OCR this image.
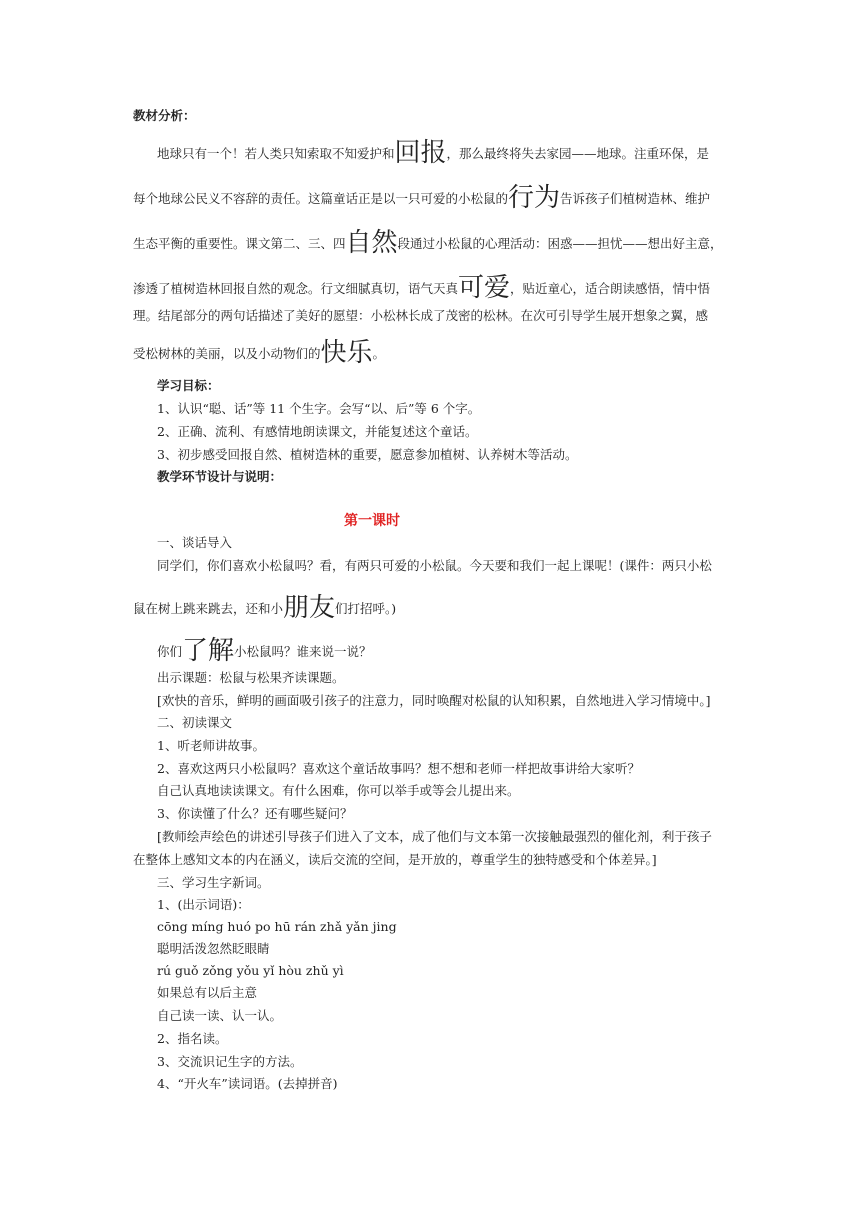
教材分析：
地球只有一个！若人类只知索取不知爱护和回报，那么最终将失去家园——地球。注重环保，是
每个地球公民义不容辞的责任。这篇童话正是以一只可爱的小松鼠的行为告诉孩子们植树造林、维护
生态平衡的重要性。课文第二、三、四自然段通过小松鼠的心理活动：困惑——担忧——想出好主意，
渗透了植树造林回报自然的观念。行文细腻真切，语气天真可爱，贴近童心，适合朗读感悟，情中悟
理。结尾部分的两句话描述了美好的愿望：小松林长成了茂密的松林。在次可引导学生展开想象之翼，感
受松树林的美丽，以及小动物们的快乐。
学习目标：
1、认识“聪、话”等 11 个生字。会写“以、后”等 6 个字。
2、正确、流利、有感情地朗读课文，并能复述这个童话。
3、初步感受回报自然、植树造林的重要，愿意参加植树、认养树木等活动。
教学环节设计与说明：
第一课时
一、谈话导入
同学们，你们喜欢小松鼠吗？看，有两只可爱的小松鼠。今天要和我们一起上课呢！(课件：两只小松
鼠在树上跳来跳去，还和小朋友们打招呼。)
你们了解小松鼠吗？谁来说一说？
出示课题：松鼠与松果齐读课题。
[欢快的音乐，鲜明的画面吸引孩子的注意力，同时唤醒对松鼠的认知积累，自然地进入学习情境中。]
二、初读课文
1、听老师讲故事。
2、喜欢这两只小松鼠吗？喜欢这个童话故事吗？想不想和老师一样把故事讲给大家听？
自己认真地读读课文。有什么困难，你可以举手或等会儿提出来。
3、你读懂了什么？还有哪些疑问？
[教师绘声绘色的讲述引导孩子们进入了文本，成了他们与文本第一次接触最强烈的催化剂，利于孩子
在整体上感知文本的内在涵义，读后交流的空间，是开放的，尊重学生的独特感受和个体差异。]
三、学习生字新词。
1、(出示词语)：
cōng míng huó po hū rán zhǎ yǎn jing
聪明活泼忽然眨眼睛
rú guǒ zǒng yǒu yǐ hòu zhǔ yì
如果总有以后主意
自己读一读、认一认。
2、指名读。
3、交流识记生字的方法。
4、“开火车”读词语。(去掉拼音)
